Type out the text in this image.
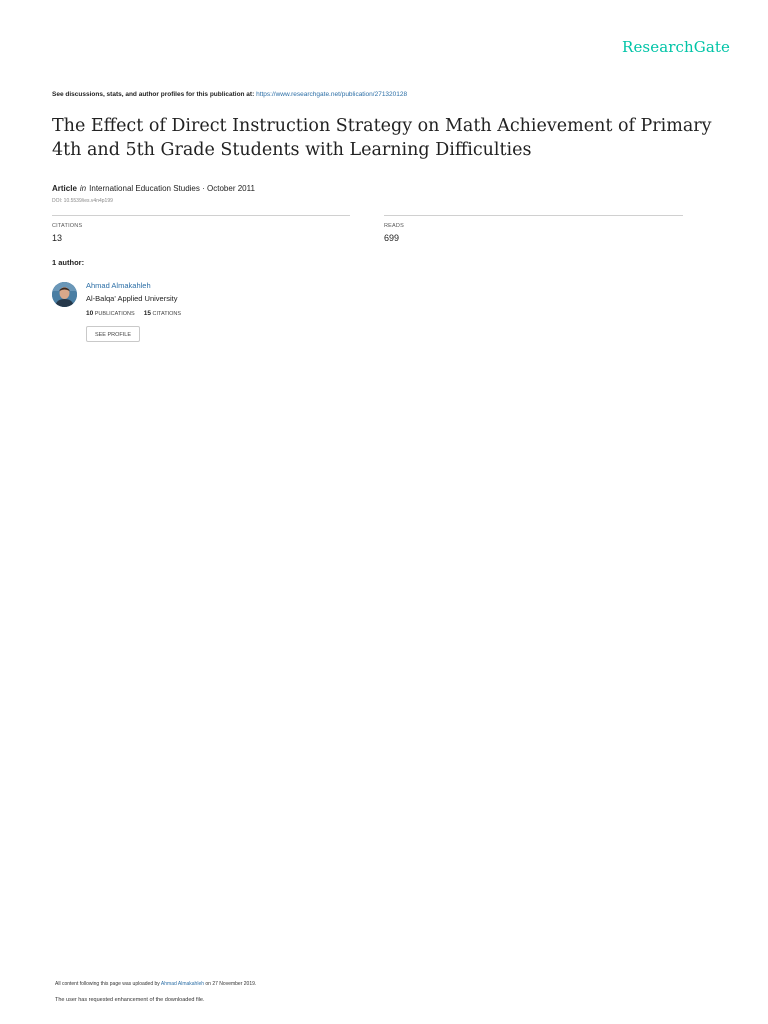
ResearchGate
See discussions, stats, and author profiles for this publication at: https://www.researchgate.net/publication/271320128
The Effect of Direct Instruction Strategy on Math Achievement of Primary 4th and 5th Grade Students with Learning Difficulties
Article in International Education Studies · October 2011
DOI: 10.5539/ies.v4n4p199
CITATIONS
13
READS
699
1 author:
Ahmad Almakahleh
Al-Balqa' Applied University
10 PUBLICATIONS 15 CITATIONS
SEE PROFILE
All content following this page was uploaded by Ahmad Almakahleh on 27 November 2019.
The user has requested enhancement of the downloaded file.
